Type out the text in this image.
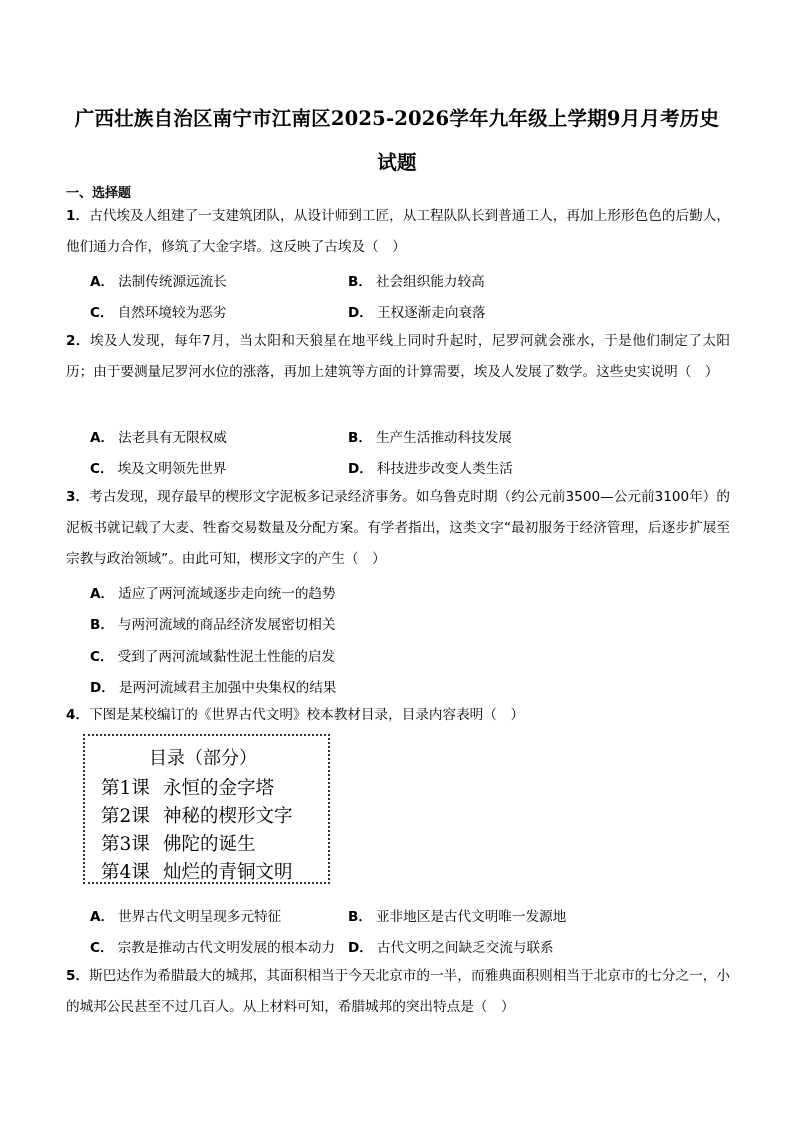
广西壮族自治区南宁市江南区2025-2026学年九年级上学期9月月考历史
试题
一、选择题
1．古代埃及人组建了一支建筑团队，从设计师到工匠，从工程队队长到普通工人，再加上形形色色的后勤人，他们通力合作，修筑了大金字塔。这反映了古埃及（　）
A． 法制传统源远流长	B． 社会组织能力较高
C． 自然环境较为恶劣	D． 王权逐渐走向衰落
2．埃及人发现，每年7月，当太阳和天狼星在地平线上同时升起时，尼罗河就会涨水，于是他们制定了太阳历；由于要测量尼罗河水位的涨落，再加上建筑等方面的计算需要，埃及人发展了数学。这些史实说明（　）
A． 法老具有无限权威	B． 生产生活推动科技发展
C． 埃及文明领先世界	D． 科技进步改变人类生活
3．考古发现，现存最早的楔形文字泥板多记录经济事务。如乌鲁克时期（约公元前3500—公元前3100年）的泥板书就记载了大麦、牲畜交易数量及分配方案。有学者指出，这类文字“最初服务于经济管理，后逐步扩展至宗教与政治领域”。由此可知，楔形文字的产生（　）
A． 适应了两河流域逐步走向统一的趋势
B． 与两河流域的商品经济发展密切相关
C． 受到了两河流域黏性泥土性能的启发
D． 是两河流域君主加强中央集权的结果
4．下图是某校编订的《世界古代文明》校本教材目录，目录内容表明（　）
目录（部分）
第1课 永恒的金字塔
第2课 神秘的楔形文字
第3课 佛陀的诞生
第4课 灿烂的青铜文明
A． 世界古代文明呈现多元特征	B． 亚非地区是古代文明唯一发源地
C． 宗教是推动古代文明发展的根本动力 D． 古代文明之间缺乏交流与联系
5．斯巴达作为希腊最大的城邦，其面积相当于今天北京市的一半，而雅典面积则相当于北京市的七分之一，小的城邦公民甚至不过几百人。从上材料可知，希腊城邦的突出特点是（　）
